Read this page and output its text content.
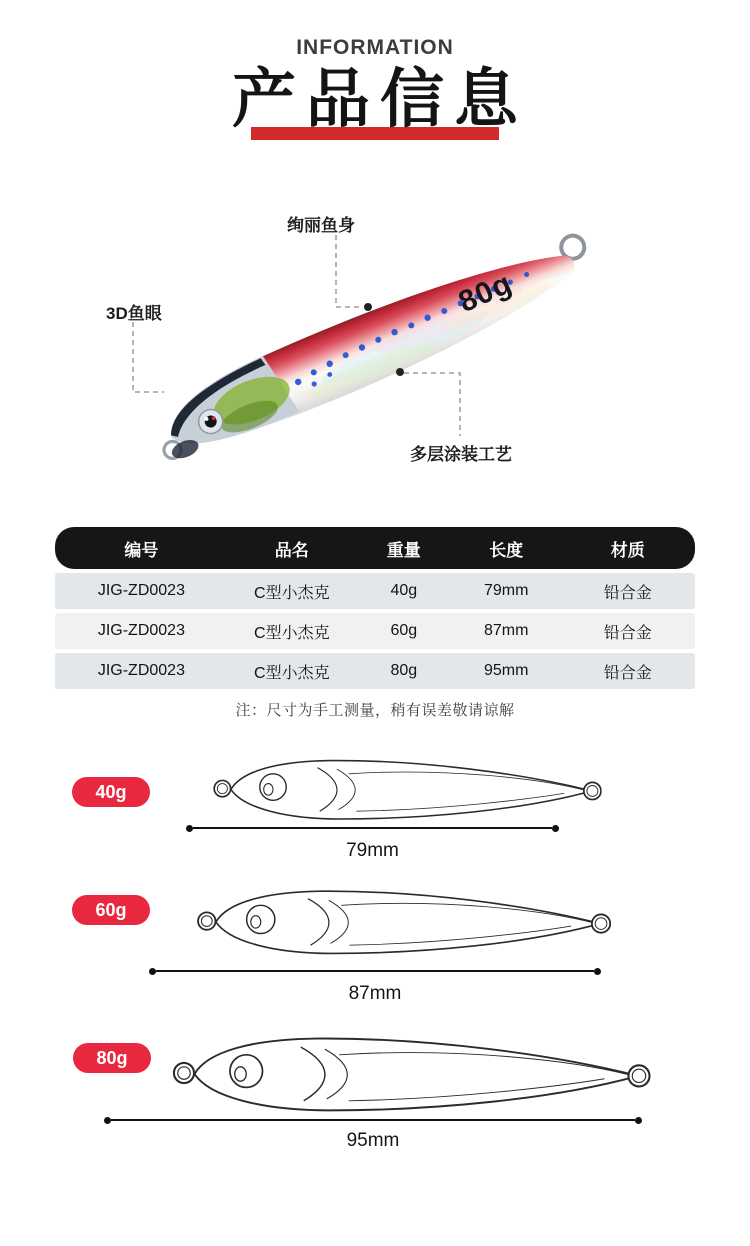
INFORMATION
产品信息
80g
绚丽鱼身
3D鱼眼
多层涂装工艺
编号	品名	重量	长度	材质
JIG-ZD0023	C型小杰克	40g	79mm	铅合金
JIG-ZD0023	C型小杰克	60g	87mm	铅合金
JIG-ZD0023	C型小杰克	80g	95mm	铅合金
注：尺寸为手工测量，稍有误差敬请谅解
40g
79mm
60g
87mm
80g
95mm
